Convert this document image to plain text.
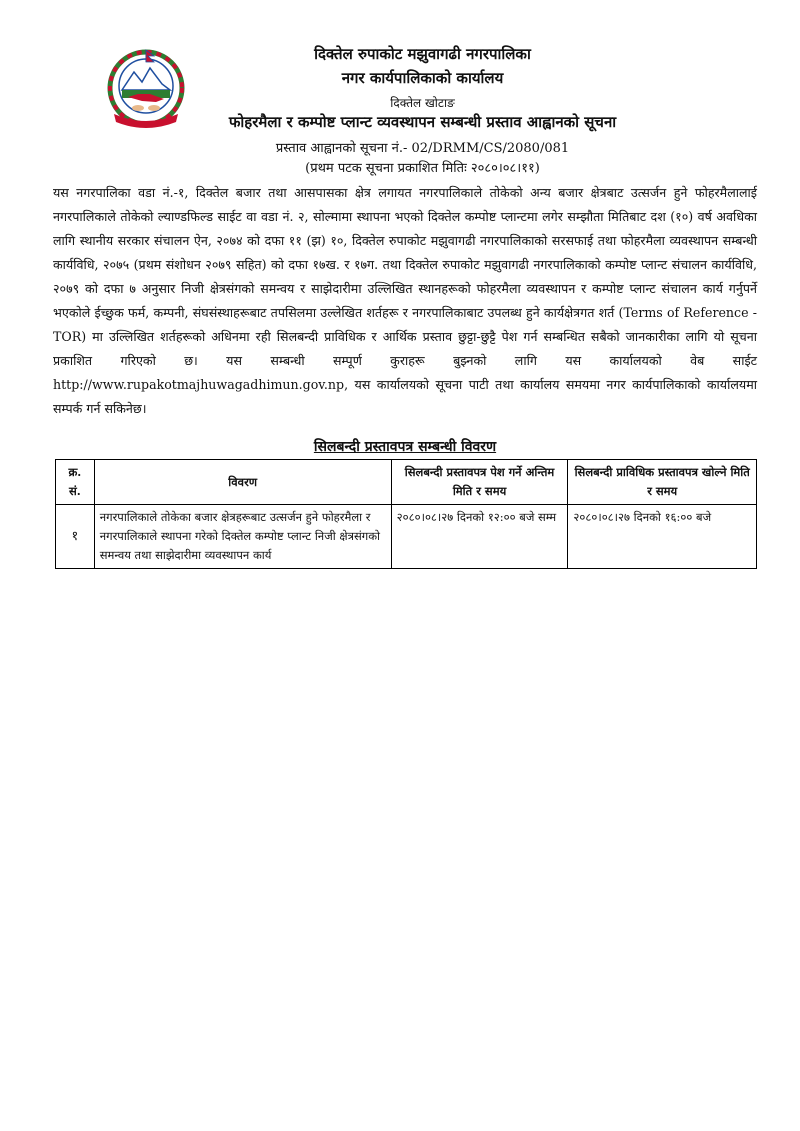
दिक्तेल रुपाकोट मझुवागढी नगरपालिका
नगर कार्यपालिकाको कार्यालय
दिक्तेल खोटाङ
फोहरमैला र कम्पोष्ट प्लान्ट व्यवस्थापन सम्बन्धी प्रस्ताव आह्वानको सूचना
प्रस्ताव आह्वानको सूचना नं.- 02/DRMM/CS/2080/081
(प्रथम पटक सूचना प्रकाशित मितिः २०८०।०८।११)

यस नगरपालिका वडा नं.-१, दिक्तेल बजार तथा आसपासका क्षेत्र लगायत नगरपालिकाले तोकेको अन्य बजार क्षेत्रबाट उत्सर्जन हुने फोहरमैलालाई नगरपालिकाले तोकेको ल्याण्डफिल्ड साईट वा वडा नं. २, सोल्मामा स्थापना भएको दिक्तेल कम्पोष्ट प्लान्टमा लगेर सम्झौता मितिबाट दश (१०) वर्ष अवधिका लागि स्थानीय सरकार संचालन ऐन, २०७४ को दफा ११ (झ) १०, दिक्तेल रुपाकोट मझुवागढी नगरपालिकाको सरसफाई तथा फोहरमैला व्यवस्थापन सम्बन्धी कार्यविधि, २०७५ (प्रथम संशोधन २०७९ सहित) को दफा १७ख. र १७ग. तथा दिक्तेल रुपाकोट मझुवागढी नगरपालिकाको कम्पोष्ट प्लान्ट संचालन कार्यविधि, २०७९ को दफा ७ अनुसार निजी क्षेत्रसंगको समन्वय र साझेदारीमा उल्लिखित स्थानहरूको फोहरमैला व्यवस्थापन र कम्पोष्ट प्लान्ट संचालन कार्य गर्नुपर्ने भएकोले ईच्छुक फर्म, कम्पनी, संघसंस्थाहरूबाट तपसिलमा उल्लेखित शर्तहरू र नगरपालिकाबाट उपलब्ध हुने कार्यक्षेत्रगत शर्त (Terms of Reference - TOR) मा उल्लिखित शर्तहरूको अधिनमा रही सिलबन्दी प्राविधिक र आर्थिक प्रस्ताव छुट्टा-छुट्टै पेश गर्न सम्बन्धित सबैको जानकारीका लागि यो सूचना प्रकाशित गरिएको छ। यस सम्बन्धी सम्पूर्ण कुराहरू बुझ्नको लागि यस कार्यालयको वेब साईट http://www.rupakotmajhuwagadhimun.gov.np, यस कार्यालयको सूचना पाटी तथा कार्यालय समयमा नगर कार्यपालिकाको कार्यालयमा सम्पर्क गर्न सकिनेछ।

सिलबन्दी प्रस्तावपत्र सम्बन्धी विवरण
क्र. सं.	विवरण	सिलबन्दी प्रस्तावपत्र पेश गर्ने अन्तिम मिति र समय	सिलबन्दी प्राविधिक प्रस्तावपत्र खोल्ने मिति र समय
१	नगरपालिकाले तोकेका बजार क्षेत्रहरूबाट उत्सर्जन हुने फोहरमैला र नगरपालिकाले स्थापना गरेको दिक्तेल कम्पोष्ट प्लान्ट निजी क्षेत्रसंगको समन्वय तथा साझेदारीमा व्यवस्थापन कार्य	२०८०।०८।२७ दिनको १२:०० बजे सम्म	२०८०।०८।२७ दिनको १६:०० बजे
